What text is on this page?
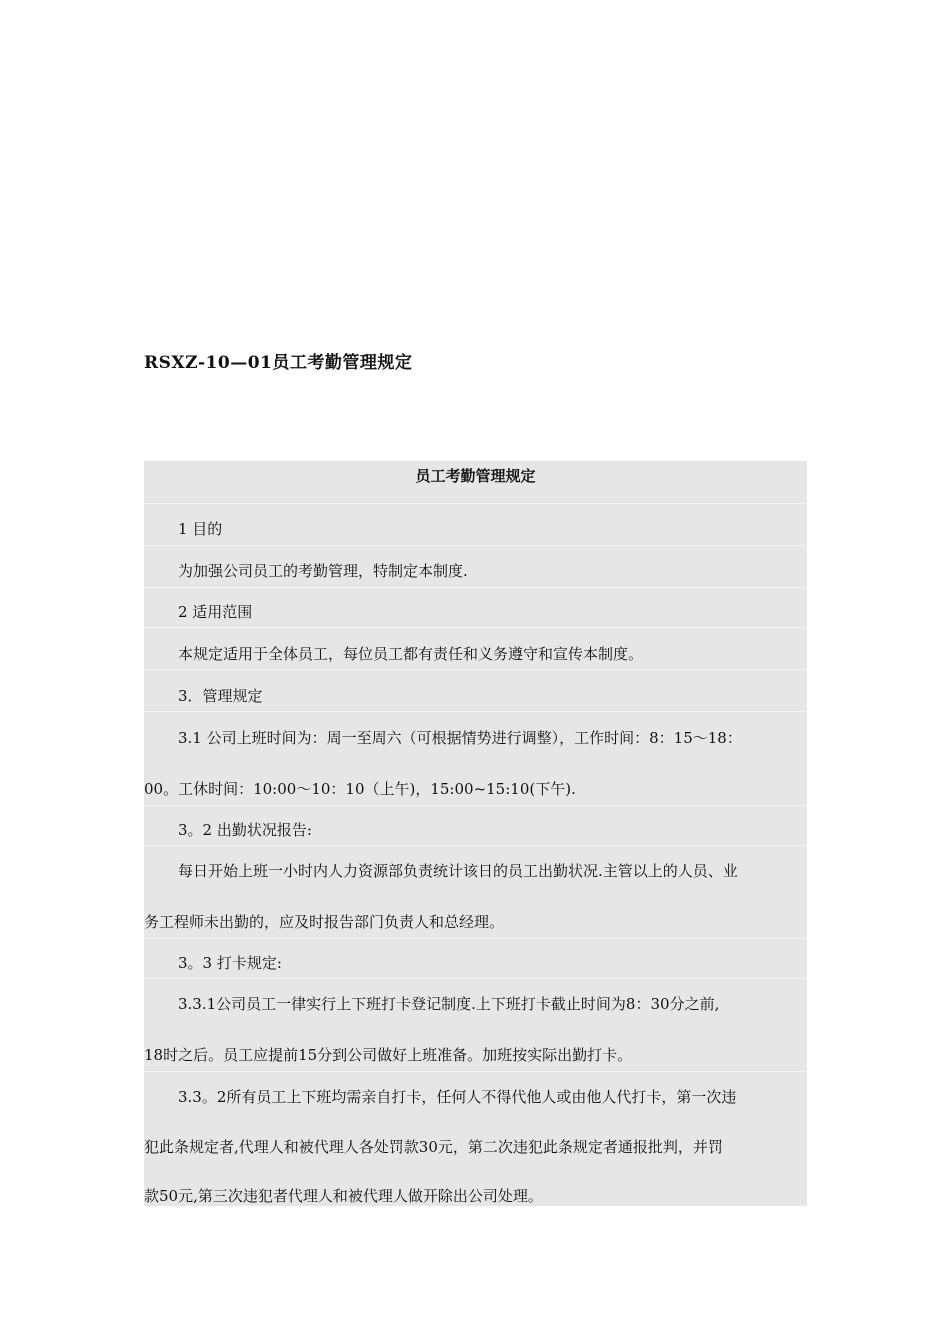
RSXZ-10—01员工考勤管理规定
员工考勤管理规定
1 目的
为加强公司员工的考勤管理，特制定本制度.
2 适用范围
本规定适用于全体员工，每位员工都有责任和义务遵守和宣传本制度。
3．管理规定
3.1 公司上班时间为：周一至周六（可根据情势进行调整），工作时间：8：15～18：
00。工休时间：10:00～10：10（上午)，15:00~15:10(下午).
3。2 出勤状况报告:
每日开始上班一小时内人力资源部负责统计该日的员工出勤状况.主管以上的人员、业
务工程师未出勤的，应及时报告部门负责人和总经理。
3。3 打卡规定:
3.3.1公司员工一律实行上下班打卡登记制度.上下班打卡截止时间为8：30分之前,
18时之后。员工应提前15分到公司做好上班准备。加班按实际出勤打卡。
3.3。2所有员工上下班均需亲自打卡，任何人不得代他人或由他人代打卡，第一次违
犯此条规定者,代理人和被代理人各处罚款30元，第二次违犯此条规定者通报批判，并罚
款50元,第三次违犯者代理人和被代理人做开除出公司处理。
